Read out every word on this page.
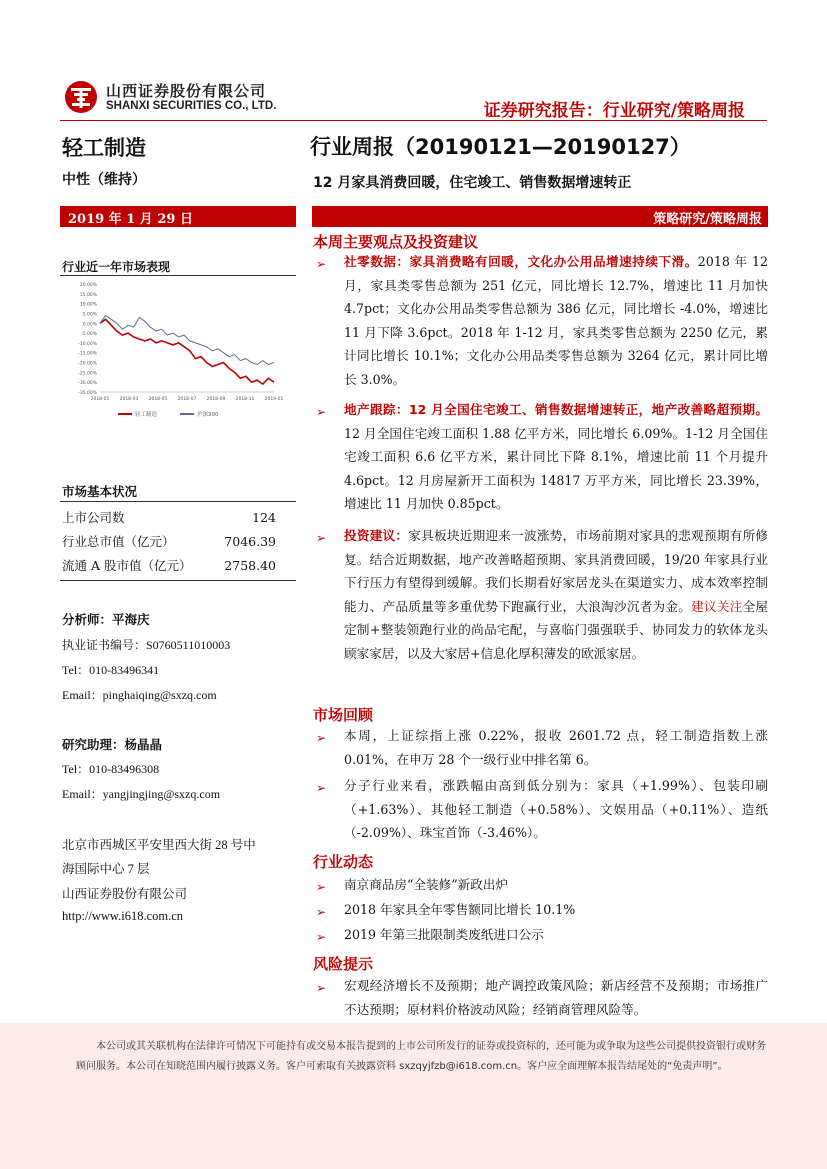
山西证券股份有限公司
SHANXI SECURITIES CO., LTD.	证券研究报告：行业研究/策略周报
轻工制造
中性（维持）
行业周报（20190121—20190127）
12 月家具消费回暖，住宅竣工、销售数据增速转正
2019 年 1 月 29 日	策略研究/策略周报
行业近一年市场表现
20.00%
15.00%
10.00%
5.00%
0.00%
-5.00%
-10.00%
-15.00%
-20.00%
-25.00%
-30.00%
-35.00%
2018-01 2018-03 2018-05 2018-07 2018-09 2018-11 2019-01
轻工制造	沪深300
市场基本状况
上市公司数	124
行业总市值（亿元）	7046.39
流通 A 股市值（亿元）	2758.40
分析师：平海庆
执业证书编号：S0760511010003
Tel：010-83496341
Email：pinghaiqing@sxzq.com
研究助理：杨晶晶
Tel：010-83496308
Email：yangjingjing@sxzq.com
北京市西城区平安里西大街 28 号中
海国际中心 7 层
山西证券股份有限公司
http://www.i618.com.cn
本周主要观点及投资建议
➢ 社零数据：家具消费略有回暖，文化办公用品增速持续下滑。2018 年 12 月，家具类零售总额为 251 亿元，同比增长 12.7%，增速比 11 月加快 4.7pct；文化办公用品类零售总额为 386 亿元，同比增长 -4.0%，增速比 11 月下降 3.6pct。2018 年 1-12 月，家具类零售总额为 2250 亿元，累计同比增长 10.1%；文化办公用品类零售总额为 3264 亿元，累计同比增长 3.0%。
➢ 地产跟踪：12 月全国住宅竣工、销售数据增速转正，地产改善略超预期。12 月全国住宅竣工面积 1.88 亿平方米，同比增长 6.09%。1-12 月全国住宅竣工面积 6.6 亿平方米，累计同比下降 8.1%，增速比前 11 个月提升 4.6pct。12 月房屋新开工面积为 14817 万平方米，同比增长 23.39%，增速比 11 月加快 0.85pct。
➢ 投资建议：家具板块近期迎来一波涨势，市场前期对家具的悲观预期有所修复。结合近期数据，地产改善略超预期、家具消费回暖，19/20 年家具行业下行压力有望得到缓解。我们长期看好家居龙头在渠道实力、成本效率控制能力、产品质量等多重优势下跑赢行业，大浪淘沙沉者为金。建议关注全屋定制+整装领跑行业的尚品宅配，与喜临门强强联手、协同发力的软体龙头顾家家居，以及大家居+信息化厚积薄发的欧派家居。
市场回顾
➢ 本周，上证综指上涨 0.22%，报收 2601.72 点，轻工制造指数上涨 0.01%，在申万 28 个一级行业中排名第 6。
➢ 分子行业来看，涨跌幅由高到低分别为：家具（+1.99%）、包装印刷（+1.63%）、其他轻工制造（+0.58%）、文娱用品（+0.11%）、造纸（-2.09%）、珠宝首饰（-3.46%）。
行业动态
➢ 南京商品房“全装修”新政出炉
➢ 2018 年家具全年零售额同比增长 10.1%
➢ 2019 年第三批限制类废纸进口公示
风险提示
➢ 宏观经济增长不及预期；地产调控政策风险；新店经营不及预期；市场推广不达预期；原材料价格波动风险；经销商管理风险等。
本公司或其关联机构在法律许可情况下可能持有或交易本报告提到的上市公司所发行的证券或投资标的，还可能为或争取为这些公司提供投资银行或财务顾问服务。本公司在知晓范围内履行披露义务。客户可索取有关披露资料 sxzqyjfzb@i618.com.cn。客户应全面理解本报告结尾处的“免责声明”。
